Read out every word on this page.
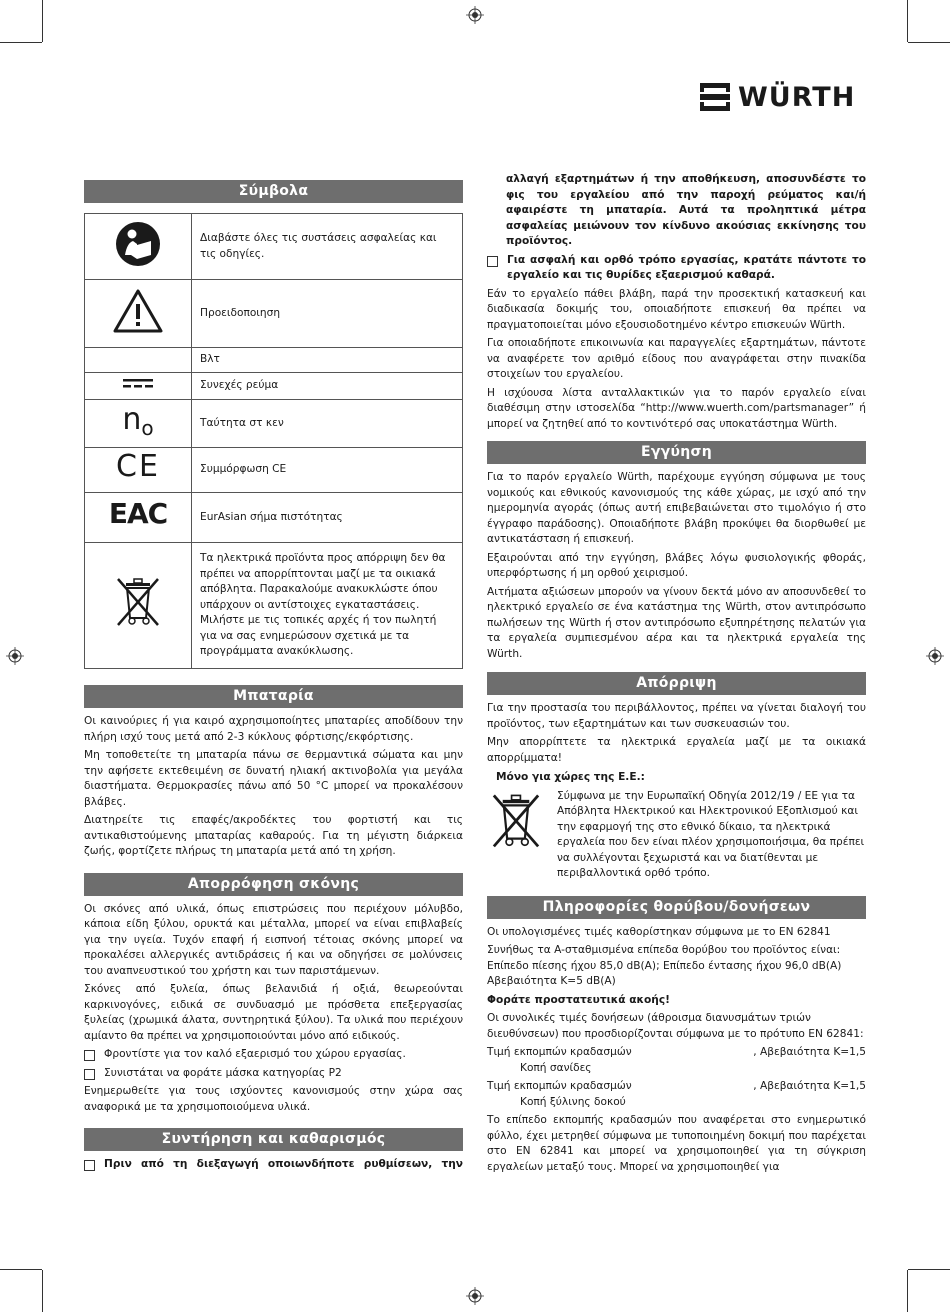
WÜRTH
Σύμβολα
	Διαβάστε όλες τις συστάσεις ασφαλείας και τις οδηγίες.
	Προειδοποιηση
	Βλτ
	Συνεχές ρεύμα
$n_o$	Ταύτητα στ κεν
CE	Συμμόρφωση CE
EAC	EurAsian σήμα πιστότητας
	Τα ηλεκτρικά προϊόντα προς απόρριψη δεν θα πρέπει να απορρίπτονται μαζί με τα οικιακά απόβλητα. Παρακαλούμε ανακυκλώστε όπου υπάρχουν οι αντίστοιχες εγκαταστάσεις. Μιλήστε με τις τοπικές αρχές ή τον πωλητή για να σας ενημερώσουν σχετικά με τα προγράμματα ανακύκλωσης.
Μπαταρία

Οι καινούριες ή για καιρό αχρησιμοποίητες μπαταρίες αποδίδουν την πλήρη ισχύ τους μετά από 2-3 κύκλους φόρτισης/εκφόρτισης.

Μη τοποθετείτε τη μπαταρία πάνω σε θερμαντικά σώματα και μην την αφήσετε εκτεθειμένη σε δυνατή ηλιακή ακτινοβολία για μεγάλα διαστήματα. Θερμοκρασίες πάνω από 50 °C μπορεί να προκαλέσουν βλάβες.

Διατηρείτε τις επαφές/ακροδέκτες του φορτιστή και τις αντικαθιστούμενης μπαταρίας καθαρούς. Για τη μέγιστη διάρκεια ζωής, φορτίζετε πλήρως τη μπαταρία μετά από τη χρήση.

Απορρόφηση σκόνης

Οι σκόνες από υλικά, όπως επιστρώσεις που περιέχουν μόλυβδο, κάποια είδη ξύλου, ορυκτά και μέταλλα, μπορεί να είναι επιβλαβείς για την υγεία. Τυχόν επαφή ή εισπνοή τέτοιας σκόνης μπορεί να προκαλέσει αλλεργικές αντιδράσεις ή και να οδηγήσει σε μολύνσεις του αναπνευστικού του χρήστη και των παριστάμενων.

Σκόνες από ξυλεία, όπως βελανιδιά ή οξιά, θεωρεούνται καρκινογόνες, ειδικά σε συνδυασμό με πρόσθετα επεξεργασίας ξυλείας (χρωμικά άλατα, συντηρητικά ξύλου). Τα υλικά που περιέχουν αμίαντο θα πρέπει να χρησιμοποιούνται μόνο από ειδικούς.

Φροντίστε για τον καλό εξαερισμό του χώρου εργασίας.
Συνιστάται να φοράτε μάσκα κατηγορίας P2

Ενημερωθείτε για τους ισχύοντες κανονισμούς στην χώρα σας αναφορικά με τα χρησιμοποιούμενα υλικά.

Συντήρηση και καθαρισμός
Πριν από τη διεξαγωγή οποιωνδήποτε ρυθμίσεων, την

αλλαγή εξαρτημάτων ή την αποθήκευση, αποσυνδέστε το φις του εργαλείου από την παροχή ρεύματος και/ή αφαιρέστε τη μπαταρία. Αυτά τα προληπτικά μέτρα ασφαλείας μειώνουν τον κίνδυνο ακούσιας εκκίνησης του προϊόντος.

Για ασφαλή και ορθό τρόπο εργασίας, κρατάτε πάντοτε το εργαλείο και τις θυρίδες εξαερισμού καθαρά.

Εάν το εργαλείο πάθει βλάβη, παρά την προσεκτική κατασκευή και διαδικασία δοκιμής του, οποιαδήποτε επισκευή θα πρέπει να πραγματοποιείται μόνο εξουσιοδοτημένο κέντρο επισκευών Würth.

Για οποιαδήποτε επικοινωνία και παραγγελίες εξαρτημάτων, πάντοτε να αναφέρετε τον αριθμό είδους που αναγράφεται στην πινακίδα στοιχείων του εργαλείου.

Η ισχύουσα λίστα ανταλλακτικών για το παρόν εργαλείο είναι διαθέσιμη στην ιστοσελίδα “http://www.wuerth.com/partsmanager” ή μπορεί να ζητηθεί από το κοντινότερό σας υποκατάστημα Würth.

Εγγύηση

Για το παρόν εργαλείο Würth, παρέχουμε εγγύηση σύμφωνα με τους νομικούς και εθνικούς κανονισμούς της κάθε χώρας, με ισχύ από την ημερομηνία αγοράς (όπως αυτή επιβεβαιώνεται στο τιμολόγιο ή στο έγγραφο παράδοσης). Οποιαδήποτε βλάβη προκύψει θα διορθωθεί με αντικατάσταση ή επισκευή.

Εξαιρούνται από την εγγύηση, βλάβες λόγω φυσιολογικής φθοράς, υπερφόρτωσης ή μη ορθού χειρισμού.

Αιτήματα αξιώσεων μπορούν να γίνουν δεκτά μόνο αν αποσυνδεθεί το ηλεκτρικό εργαλείο σε ένα κατάστημα της Würth, στον αντιπρόσωπο πωλήσεων της Würth ή στον αντιπρόσωπο εξυπηρέτησης πελατών για τα εργαλεία συμπιεσμένου αέρα και τα ηλεκτρικά εργαλεία της Würth.

Απόρριψη

Για την προστασία του περιβάλλοντος, πρέπει να γίνεται διαλογή του προϊόντος, των εξαρτημάτων και των συσκευασιών του.

Μην απορρίπτετε τα ηλεκτρικά εργαλεία μαζί με τα οικιακά απορρίμματα!

Μόνο για χώρες της Ε.Ε.:

Σύμφωνα με την Ευρωπαϊκή Οδηγία 2012/19 / ΕΕ για τα Απόβλητα Ηλεκτρικού και Ηλεκτρονικού Εξοπλισμού και την εφαρμογή της στο εθνικό δίκαιο, τα ηλεκτρικά εργαλεία που δεν είναι πλέον χρησιμοποιήσιμα, θα πρέπει να συλλέγονται ξεχωριστά και να διατίθενται με περιβαλλοντικά ορθό τρόπο.

Πληροφορίες θορύβου/δονήσεων

Οι υπολογισμένες τιμές καθορίστηκαν σύμφωνα με το EN 62841

Συνήθως τα A-σταθμισμένα επίπεδα θορύβου του προϊόντος είναι: Επίπεδο πίεσης ήχου 85,0 dB(A); Επίπεδο έντασης ήχου 96,0 dB(A) Αβεβαιότητα K=5 dB(A)

Φοράτε προστατευτικά ακοής!

Οι συνολικές τιμές δονήσεων (άθροισμα διανυσμάτων τριών διευθύνσεων) που προσδιορίζονται σύμφωνα με το πρότυπο EN 62841:

Τιμή εκπομπών κραδασμών	, Αβεβαιότητα K=1,5

Κοπή σανίδες

Τιμή εκπομπών κραδασμών	, Αβεβαιότητα K=1,5

Κοπή ξύλινης δοκού

Το επίπεδο εκπομπής κραδασμών που αναφέρεται στο ενημερωτικό φύλλο, έχει μετρηθεί σύμφωνα με τυποποιημένη δοκιμή που παρέχεται στο EN 62841 και μπορεί να χρησιμοποιηθεί για τη σύγκριση εργαλείων μεταξύ τους. Μπορεί να χρησιμοποιηθεί για
